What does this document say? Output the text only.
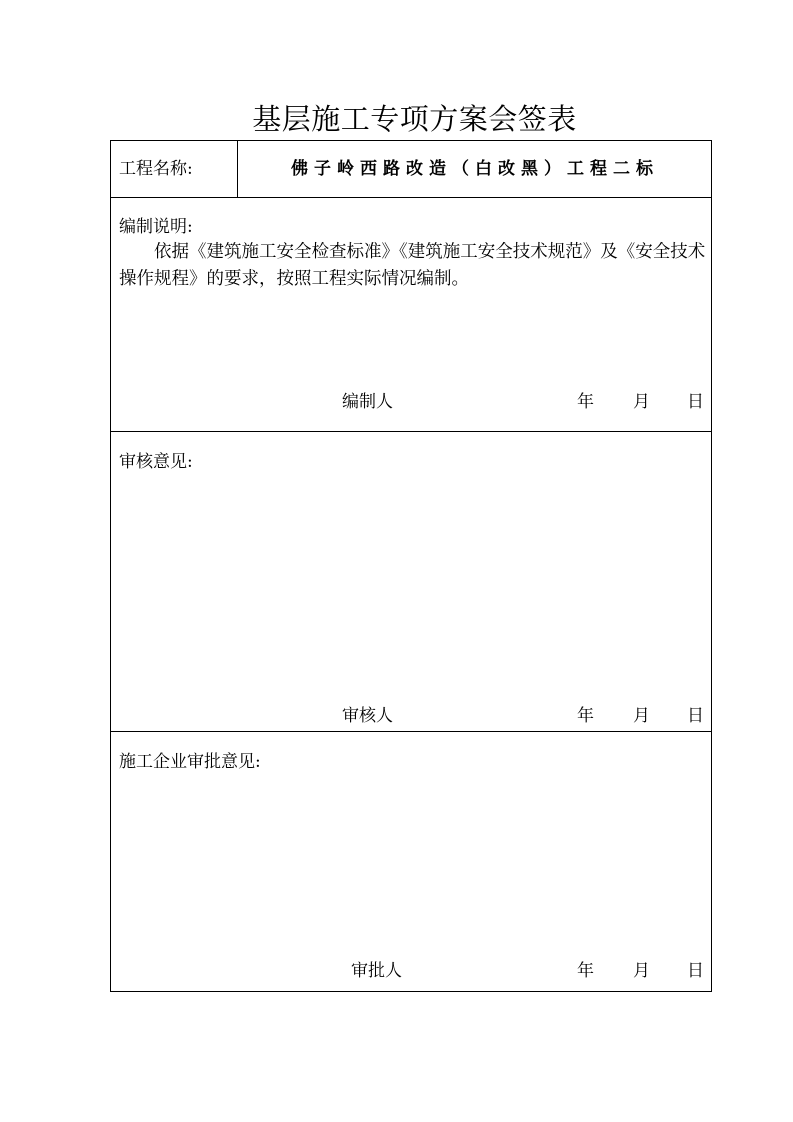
基层施工专项方案会签表
工程名称:	佛子岭西路改造（白改黑）工程二标
编制说明:
依据《建筑施工安全检查标准》《建筑施工安全技术规范》及《安全技术操作规程》的要求，按照工程实际情况编制。
编制人	年 月 日
审核意见:
审核人	年 月 日
施工企业审批意见:
审批人	年 月 日
